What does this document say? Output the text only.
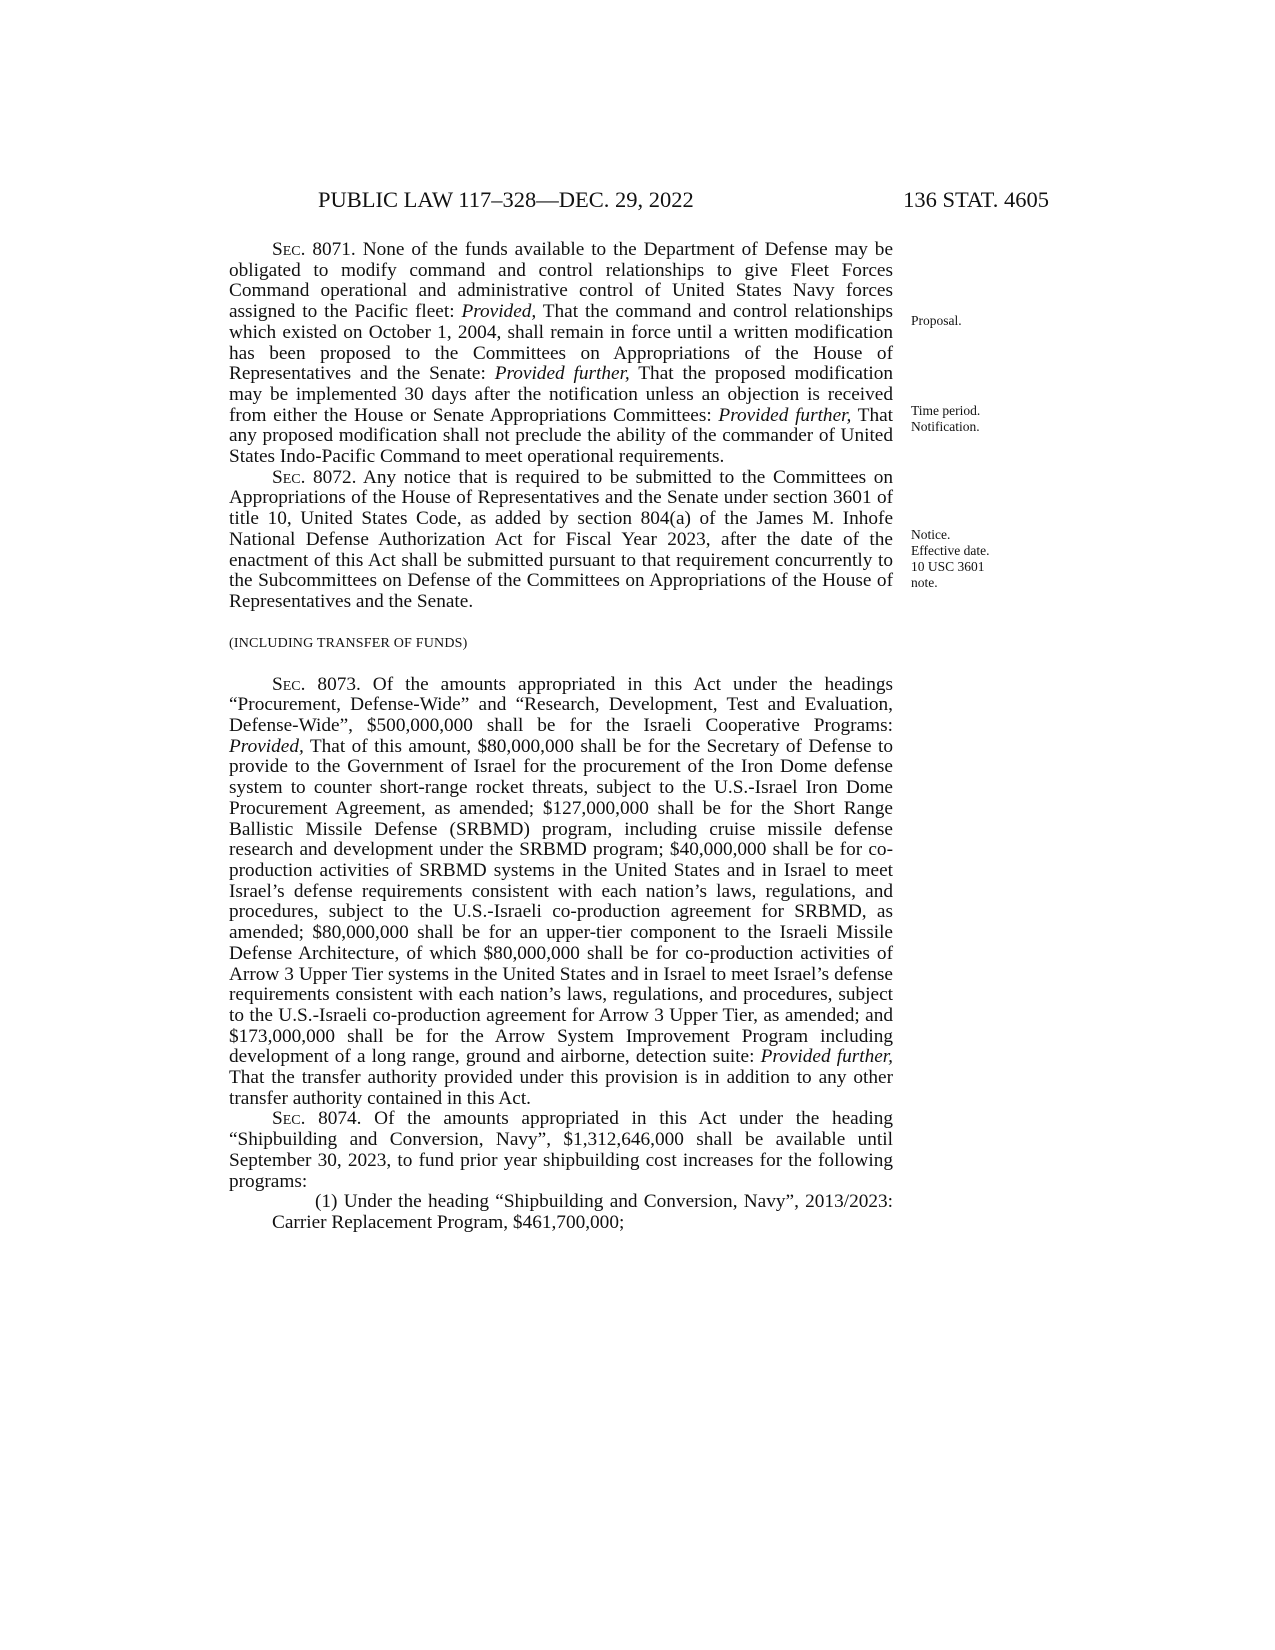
PUBLIC LAW 117–328—DEC. 29, 2022	136 STAT. 4605

Sec. 8071. None of the funds available to the Department of Defense may be obligated to modify command and control relationships to give Fleet Forces Command operational and administrative control of United States Navy forces assigned to the Pacific fleet: Provided, That the command and control relationships which existed on October 1, 2004, shall remain in force until a written modification has been proposed to the Committees on Appropriations of the House of Representatives and the Senate: Provided further, That the proposed modification may be implemented 30 days after the notification unless an objection is received from either the House or Senate Appropriations Committees: Provided further, That any proposed modification shall not preclude the ability of the commander of United States Indo-Pacific Command to meet operational requirements.

Sec. 8072. Any notice that is required to be submitted to the Committees on Appropriations of the House of Representatives and the Senate under section 3601 of title 10, United States Code, as added by section 804(a) of the James M. Inhofe National Defense Authorization Act for Fiscal Year 2023, after the date of the enactment of this Act shall be submitted pursuant to that requirement concurrently to the Subcommittees on Defense of the Committees on Appropriations of the House of Representatives and the Senate.

(INCLUDING TRANSFER OF FUNDS)

Sec. 8073. Of the amounts appropriated in this Act under the headings “Procurement, Defense-Wide” and “Research, Development, Test and Evaluation, Defense-Wide”, $500,000,000 shall be for the Israeli Cooperative Programs: Provided, That of this amount, $80,000,000 shall be for the Secretary of Defense to provide to the Government of Israel for the procurement of the Iron Dome defense system to counter short-range rocket threats, subject to the U.S.-Israel Iron Dome Procurement Agreement, as amended; $127,000,000 shall be for the Short Range Ballistic Missile Defense (SRBMD) program, including cruise missile defense research and development under the SRBMD program; $40,000,000 shall be for co-production activities of SRBMD systems in the United States and in Israel to meet Israel’s defense requirements consistent with each nation’s laws, regulations, and procedures, subject to the U.S.-Israeli co-production agreement for SRBMD, as amended; $80,000,000 shall be for an upper-tier component to the Israeli Missile Defense Architecture, of which $80,000,000 shall be for co-production activities of Arrow 3 Upper Tier systems in the United States and in Israel to meet Israel’s defense requirements consistent with each nation’s laws, regulations, and procedures, subject to the U.S.-Israeli co-production agreement for Arrow 3 Upper Tier, as amended; and $173,000,000 shall be for the Arrow System Improvement Program including development of a long range, ground and airborne, detection suite: Provided further, That the transfer authority provided under this provision is in addition to any other transfer authority contained in this Act.

Sec. 8074. Of the amounts appropriated in this Act under the heading “Shipbuilding and Conversion, Navy”, $1,312,646,000 shall be available until September 30, 2023, to fund prior year shipbuilding cost increases for the following programs:

(1) Under the heading “Shipbuilding and Conversion, Navy”, 2013/2023: Carrier Replacement Program, $461,700,000;

Proposal.
Time period.
Notification.
Notice.
Effective date.
10 USC 3601
note.
